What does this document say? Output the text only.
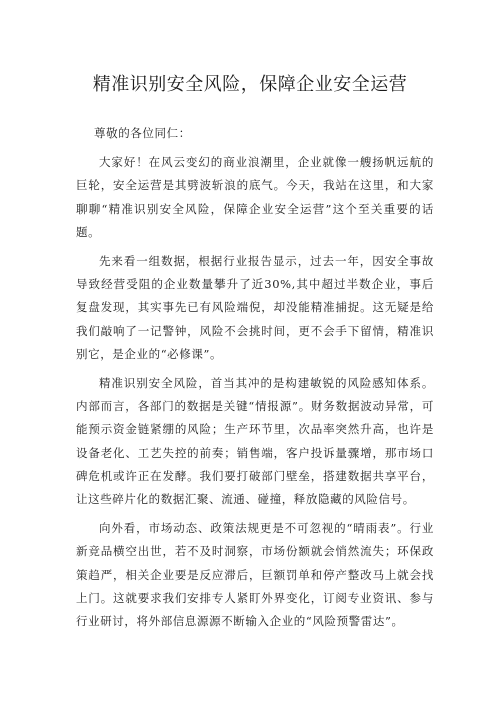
精准识别安全风险，保障企业安全运营
尊敬的各位同仁：

大家好！在风云变幻的商业浪潮里，企业就像一艘扬帆远航的巨轮，安全运营是其劈波斩浪的底气。今天，我站在这里，和大家聊聊“精准识别安全风险，保障企业安全运营”这个至关重要的话题。

先来看一组数据，根据行业报告显示，过去一年，因安全事故导致经营受阻的企业数量攀升了近30%,其中超过半数企业，事后复盘发现，其实事先已有风险端倪，却没能精准捕捉。这无疑是给我们敲响了一记警钟，风险不会挑时间，更不会手下留情，精准识别它，是企业的“必修课”。

精准识别安全风险，首当其冲的是构建敏锐的风险感知体系。内部而言，各部门的数据是关键“情报源”。财务数据波动异常，可能预示资金链紧绷的风险；生产环节里，次品率突然升高，也许是设备老化、工艺失控的前奏；销售端，客户投诉量骤增，那市场口碑危机或许正在发酵。我们要打破部门壁垒，搭建数据共享平台，让这些碎片化的数据汇聚、流通、碰撞，释放隐藏的风险信号。

向外看，市场动态、政策法规更是不可忽视的“晴雨表”。行业新竞品横空出世，若不及时洞察，市场份额就会悄然流失；环保政策趋严，相关企业要是反应滞后，巨额罚单和停产整改马上就会找上门。这就要求我们安排专人紧盯外界变化，订阅专业资讯、参与行业研讨，将外部信息源源不断输入企业的“风险预警雷达”。
